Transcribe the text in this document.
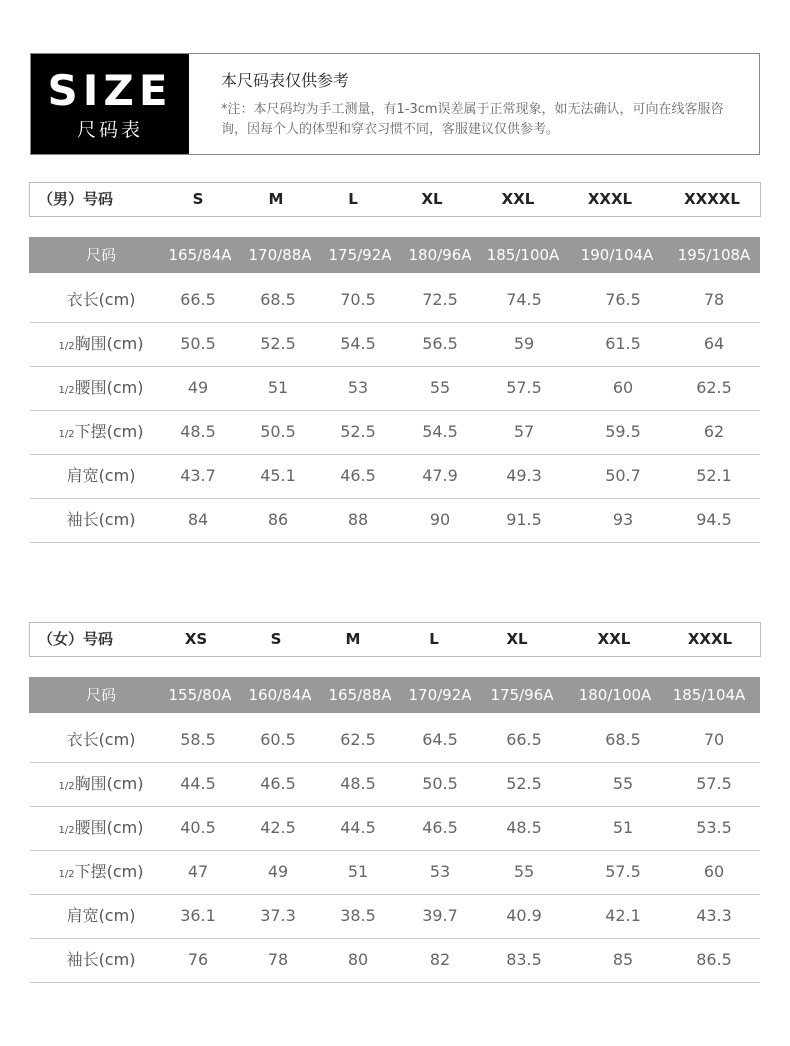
SIZE
尺码表
本尺码表仅供参考
*注：本尺码均为手工测量，有1-3cm误差属于正常现象，如无法确认，可向在线客服咨询，因每个人的体型和穿衣习惯不同，客服建议仅供参考。
（男）号码	S	M	L	XL	XXL	XXXL	XXXXL
尺码	165/84A 170/88A 175/92A 180/96A 185/100A 190/104A 195/108A
衣长(cm)	66.5	68.5	70.5	72.5	74.5	76.5	78
1/2胸围(cm) 50.5	52.5	54.5	56.5	59	61.5	64
1/2腰围(cm)	49	51	53	55	57.5	60	62.5
1/2下摆(cm) 48.5	50.5	52.5	54.5	57	59.5	62
肩宽(cm)	43.7	45.1	46.5	47.9	49.3	50.7	52.1
袖长(cm)	84	86	88	90	91.5	93	94.5
（女）号码	XS	S	M	L	XL	XXL	XXXL
尺码	155/80A 160/84A 165/88A 170/92A 175/96A 180/100A 185/104A
衣长(cm)	58.5	60.5	62.5	64.5	66.5	68.5	70
1/2胸围(cm) 44.5	46.5	48.5	50.5	52.5	55	57.5
1/2腰围(cm) 40.5	42.5	44.5	46.5	48.5	51	53.5
1/2下摆(cm)	47	49	51	53	55	57.5	60
肩宽(cm)	36.1	37.3	38.5	39.7	40.9	42.1	43.3
袖长(cm)	76	78	80	82	83.5	85	86.5
